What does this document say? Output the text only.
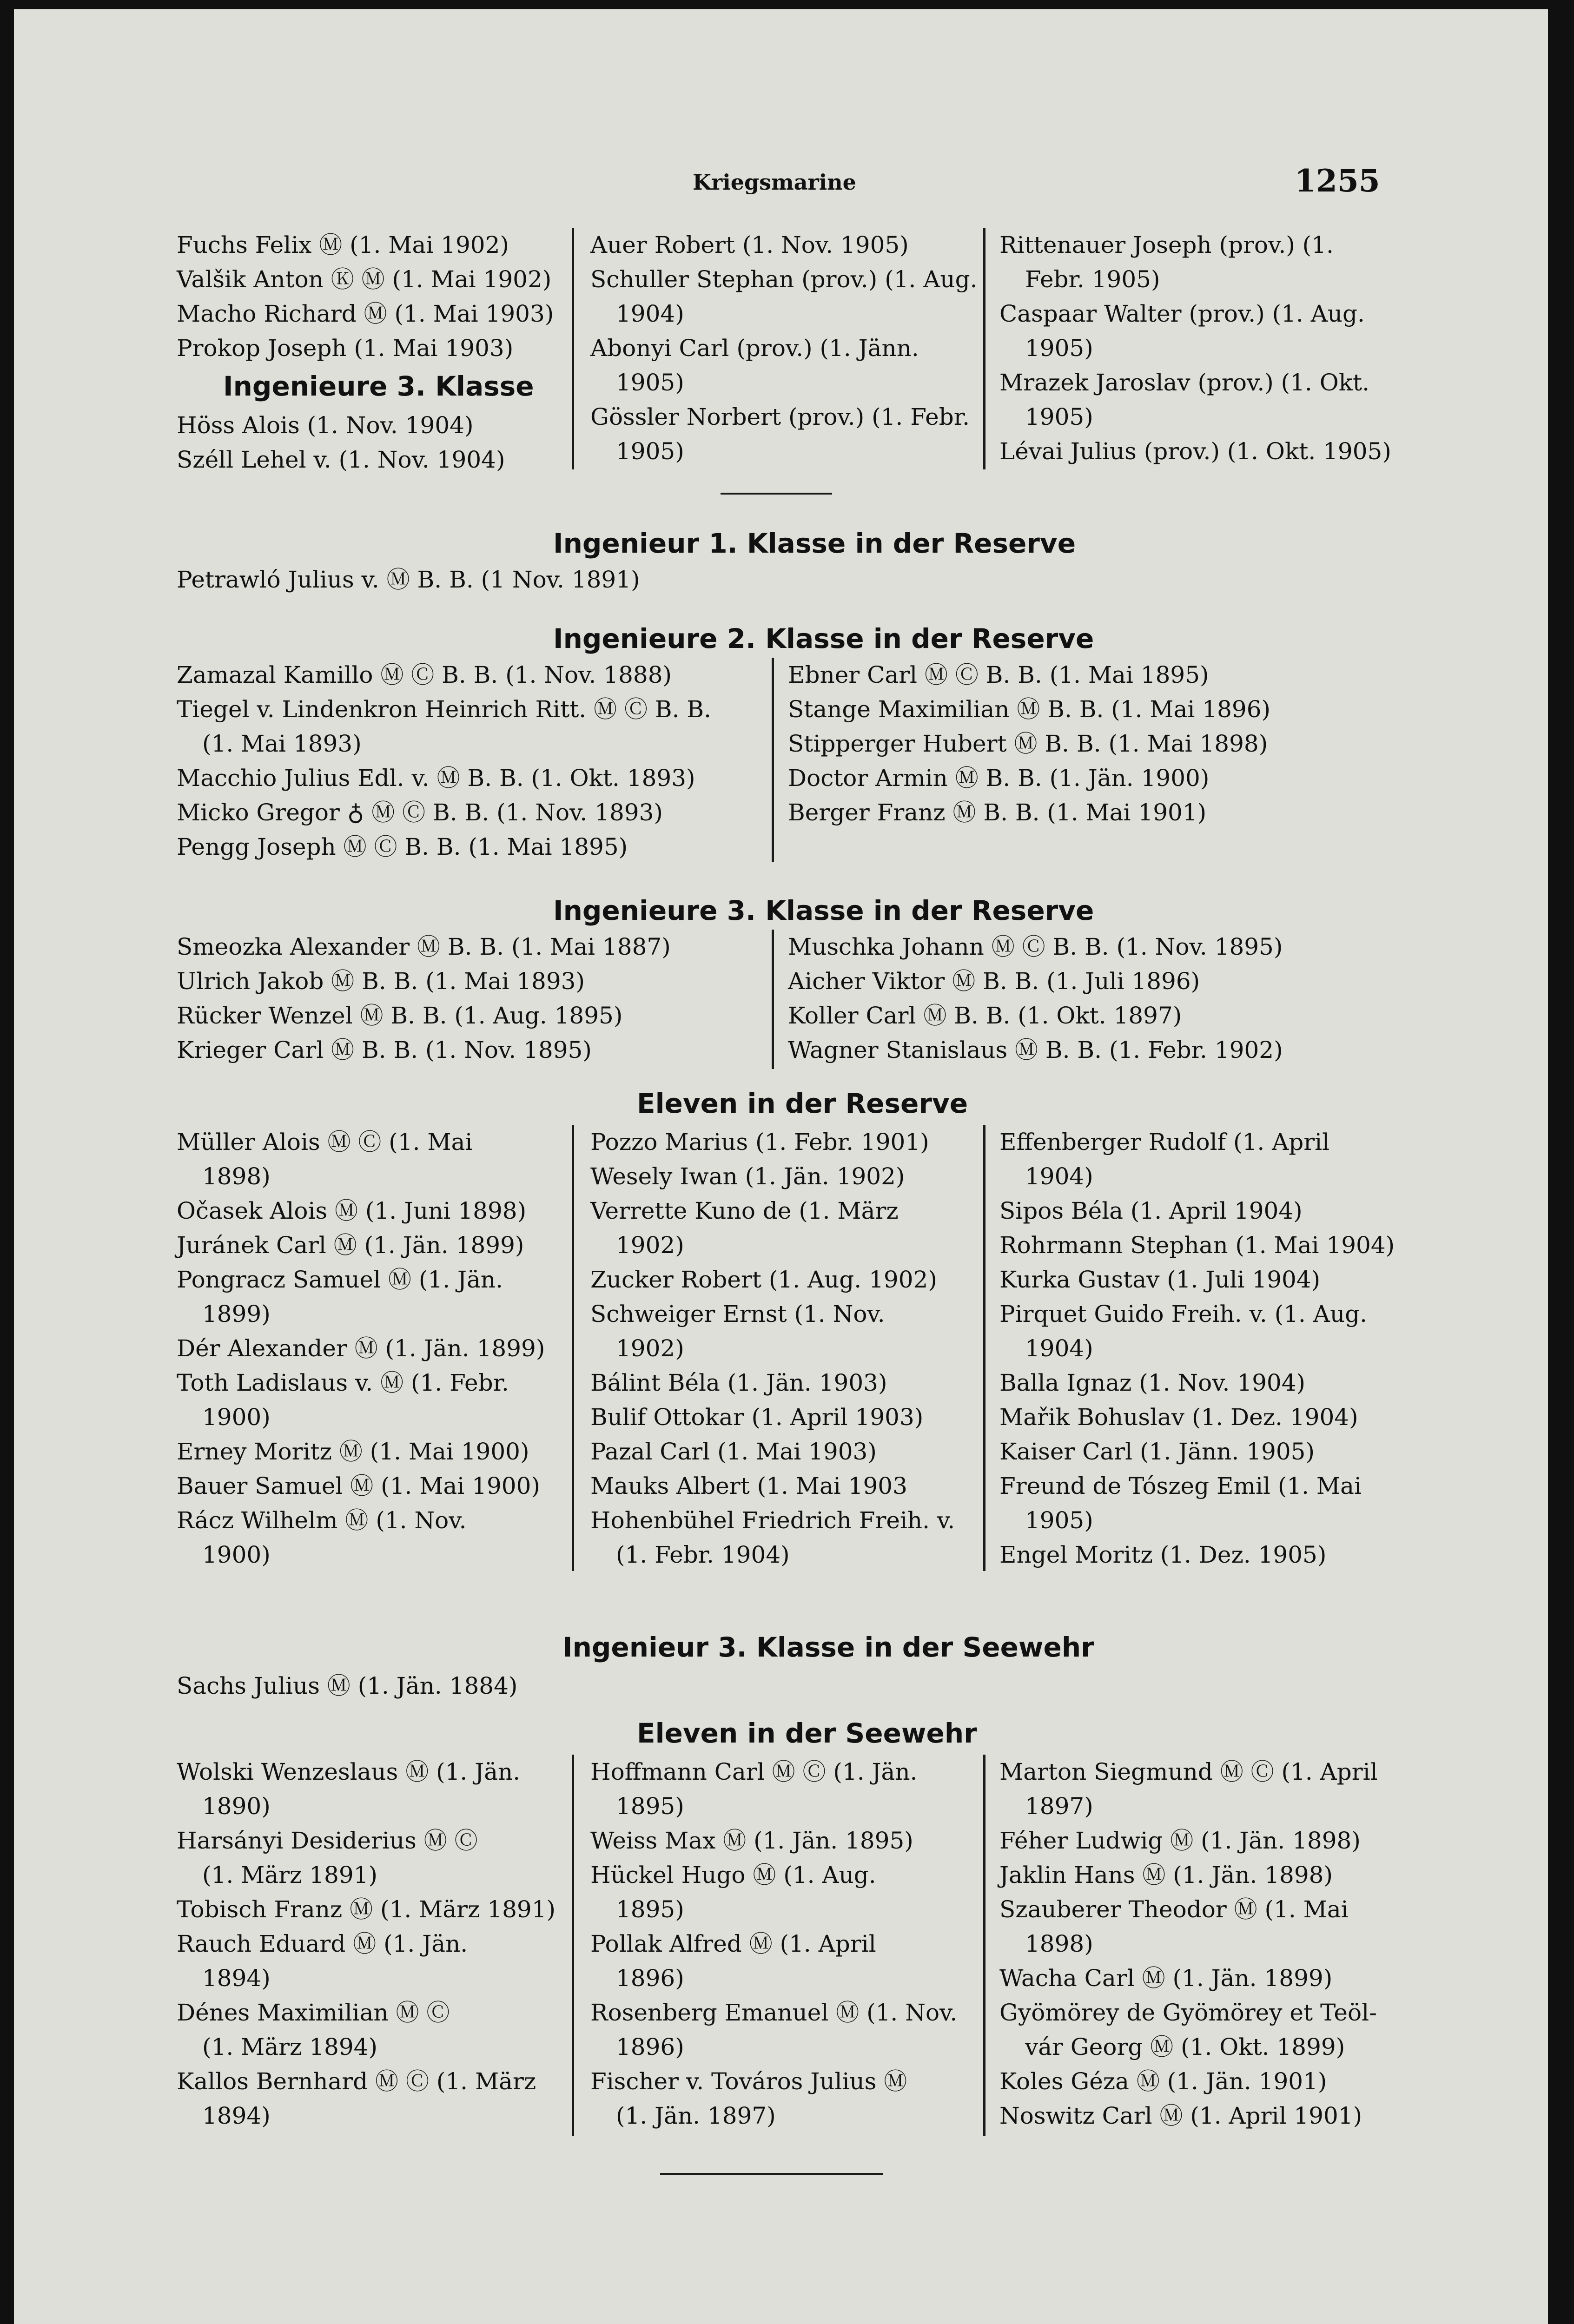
Kriegsmarine	1255

Fuchs Felix Ⓜ (1. Mai 1902)

Valšik Anton Ⓚ Ⓜ (1. Mai 1902)

Macho Richard Ⓜ (1. Mai 1903)

Prokop Joseph (1. Mai 1903)

Ingenieure 3. Klasse

Höss Alois (1. Nov. 1904)

Széll Lehel v. (1. Nov. 1904)

Auer Robert (1. Nov. 1905)

Schuller Stephan (prov.) (1. Aug.

1904)

Abonyi Carl (prov.) (1. Jänn.

1905)

Gössler Norbert (prov.) (1. Febr.

1905)

Rittenauer Joseph (prov.) (1.

Febr. 1905)

Caspaar Walter (prov.) (1. Aug.

1905)

Mrazek Jaroslav (prov.) (1. Okt.

1905)

Lévai Julius (prov.) (1. Okt. 1905)

Ingenieur 1. Klasse in der Reserve

Petrawló Julius v. Ⓜ B. B. (1 Nov. 1891)

Ingenieure 2. Klasse in der Reserve

Zamazal Kamillo Ⓜ Ⓒ B. B. (1. Nov. 1888)

Tiegel v. Lindenkron Heinrich Ritt. Ⓜ Ⓒ B. B.

(1. Mai 1893)

Macchio Julius Edl. v. Ⓜ B. B. (1. Okt. 1893)

Micko Gregor ♁ Ⓜ Ⓒ B. B. (1. Nov. 1893)

Pengg Joseph Ⓜ Ⓒ B. B. (1. Mai 1895)

Ebner Carl Ⓜ Ⓒ B. B. (1. Mai 1895)

Stange Maximilian Ⓜ B. B. (1. Mai 1896)

Stipperger Hubert Ⓜ B. B. (1. Mai 1898)

Doctor Armin Ⓜ B. B. (1. Jän. 1900)

Berger Franz Ⓜ B. B. (1. Mai 1901)

Ingenieure 3. Klasse in der Reserve

Smeozka Alexander Ⓜ B. B. (1. Mai 1887)

Ulrich Jakob Ⓜ B. B. (1. Mai 1893)

Rücker Wenzel Ⓜ B. B. (1. Aug. 1895)

Krieger Carl Ⓜ B. B. (1. Nov. 1895)

Muschka Johann Ⓜ Ⓒ B. B. (1. Nov. 1895)

Aicher Viktor Ⓜ B. B. (1. Juli 1896)

Koller Carl Ⓜ B. B. (1. Okt. 1897)

Wagner Stanislaus Ⓜ B. B. (1. Febr. 1902)

Eleven in der Reserve

Müller Alois Ⓜ Ⓒ (1. Mai

1898)

Očasek Alois Ⓜ (1. Juni 1898)

Juránek Carl Ⓜ (1. Jän. 1899)

Pongracz Samuel Ⓜ (1. Jän.

1899)

Dér Alexander Ⓜ (1. Jän. 1899)

Toth Ladislaus v. Ⓜ (1. Febr.

1900)

Erney Moritz Ⓜ (1. Mai 1900)

Bauer Samuel Ⓜ (1. Mai 1900)

Rácz Wilhelm Ⓜ (1. Nov.

1900)

Pozzo Marius (1. Febr. 1901)

Wesely Iwan (1. Jän. 1902)

Verrette Kuno de (1. März

1902)

Zucker Robert (1. Aug. 1902)

Schweiger Ernst (1. Nov.

1902)

Bálint Béla (1. Jän. 1903)

Bulif Ottokar (1. April 1903)

Pazal Carl (1. Mai 1903)

Mauks Albert (1. Mai 1903

Hohenbühel Friedrich Freih. v.

(1. Febr. 1904)

Effenberger Rudolf (1. April

1904)

Sipos Béla (1. April 1904)

Rohrmann Stephan (1. Mai 1904)

Kurka Gustav (1. Juli 1904)

Pirquet Guido Freih. v. (1. Aug.

1904)

Balla Ignaz (1. Nov. 1904)

Mařik Bohuslav (1. Dez. 1904)

Kaiser Carl (1. Jänn. 1905)

Freund de Tószeg Emil (1. Mai

1905)

Engel Moritz (1. Dez. 1905)

Ingenieur 3. Klasse in der Seewehr

Sachs Julius Ⓜ (1. Jän. 1884)

Eleven in der Seewehr

Wolski Wenzeslaus Ⓜ (1. Jän.

1890)

Harsányi Desiderius Ⓜ Ⓒ

(1. März 1891)

Tobisch Franz Ⓜ (1. März 1891)

Rauch Eduard Ⓜ (1. Jän.

1894)

Dénes Maximilian Ⓜ Ⓒ

(1. März 1894)

Kallos Bernhard Ⓜ Ⓒ (1. März

1894)

Hoffmann Carl Ⓜ Ⓒ (1. Jän.

1895)

Weiss Max Ⓜ (1. Jän. 1895)

Hückel Hugo Ⓜ (1. Aug.

1895)

Pollak Alfred Ⓜ (1. April

1896)

Rosenberg Emanuel Ⓜ (1. Nov.

1896)

Fischer v. Továros Julius Ⓜ

(1. Jän. 1897)

Marton Siegmund Ⓜ Ⓒ (1. April

1897)

Féher Ludwig Ⓜ (1. Jän. 1898)

Jaklin Hans Ⓜ (1. Jän. 1898)

Szauberer Theodor Ⓜ (1. Mai

1898)

Wacha Carl Ⓜ (1. Jän. 1899)

Gyömörey de Gyömörey et Teöl-

vár Georg Ⓜ (1. Okt. 1899)

Koles Géza Ⓜ (1. Jän. 1901)

Noswitz Carl Ⓜ (1. April 1901)
